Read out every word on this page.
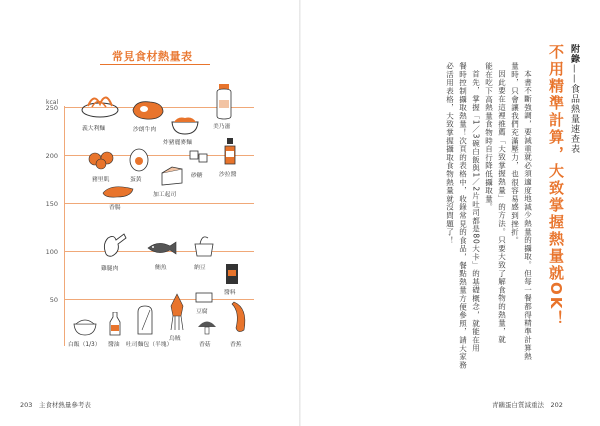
常見食材熱量表
kcal
250
200
150
100
50
義大利麵	沙朗牛肉	美乃滋
炸豬麗麥麵
豬里肌	蛋黃
砂糖	沙拉醬
加工起司
香腸
雞腿肉	鮪魚	納豆
醬料
白飯（1/3） 醬油 吐司麵包（半塊）
烏賊
豆腐
香菇	香蕉
203　主食材熱量參考表
附錄——食品熱量速查表
不用精準計算，大致掌握熱量就OK！
本書不斷強調，要減重就必須適度地減少熱量的攝取。但每一餐都得精準計算熱
量時，只會讓我們充滿壓力，也很容易感到挫折。
因此要在這裡推薦「大致掌握熱量」的方法。只要大致了解食物的熱量，就
能在吃下高熱量食物時自行降低攝取量。
首先，掌握「1／3碗白飯與1／2片吐司都是80大卡」的基礎概念，就能在用
餐時控制攝取熱量！次頁的表格中，收錄常見的食品，餐點熱量方便參照，請大家務
必活用表格，大致掌握攝取食物熱量就沒問題了！
青鷗蛋白質減重法　202
